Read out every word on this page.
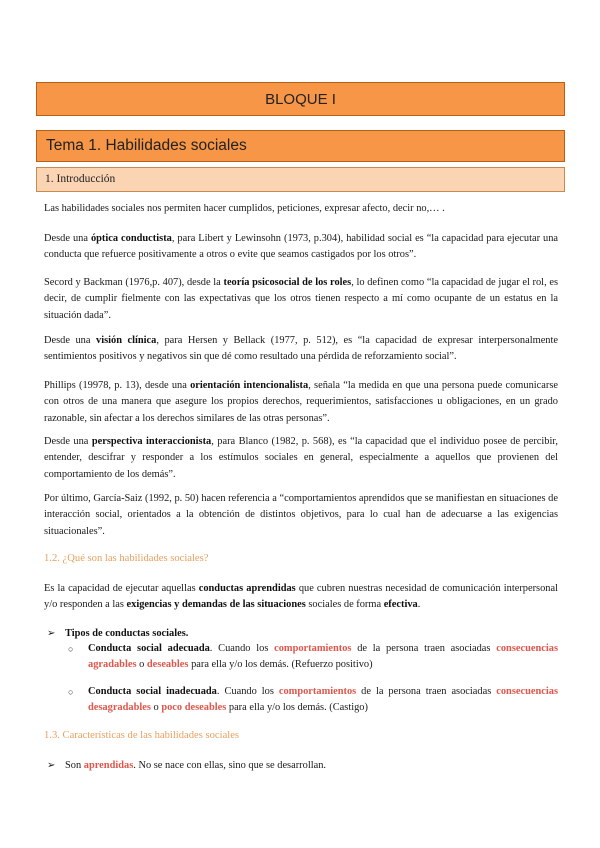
BLOQUE I
Tema 1. Habilidades sociales
1. Introducción

Las habilidades sociales nos permiten hacer cumplidos, peticiones, expresar afecto, decir no,… .

Desde una óptica conductista, para Libert y Lewinsohn (1973, p.304), habilidad social es “la capacidad para ejecutar una conducta que refuerce positivamente a otros o evite que seamos castigados por los otros”.

Secord y Backman (1976,p. 407), desde la teoría psicosocial de los roles, lo definen como “la capacidad de jugar el rol, es decir, de cumplir fielmente con las expectativas que los otros tienen respecto a mí como ocupante de un estatus en la situación dada”.

Desde una visión clínica, para Hersen y Bellack (1977, p. 512), es “la capacidad de expresar interpersonalmente sentimientos positivos y negativos sin que dé como resultado una pérdida de reforzamiento social”.

Phillips (19978, p. 13), desde una orientación intencionalista, señala “la medida en que una persona puede comunicarse con otros de una manera que asegure los propios derechos, requerimientos, satisfacciones u obligaciones, en un grado razonable, sin afectar a los derechos similares de las otras personas”.

Desde una perspectiva interaccionista, para Blanco (1982, p. 568), es “la capacidad que el individuo posee de percibir, entender, descifrar y responder a los estímulos sociales en general, especialmente a aquellos que provienen del comportamiento de los demás”.

Por último, García-Saiz (1992, p. 50) hacen referencia a “comportamientos aprendidos que se manifiestan en situaciones de interacción social, orientados a la obtención de distintos objetivos, para lo cual han de adecuarse a las exigencias situacionales”.

1.2. ¿Qué son las habilidades sociales?

Es la capacidad de ejecutar aquellas conductas aprendidas que cubren nuestras necesidad de comunicación interpersonal y/o responden a las exigencias y demandas de las situaciones sociales de forma efectiva.

➢ Tipos de conductas sociales.
○ Conducta social adecuada. Cuando los comportamientos de la persona traen asociadas consecuencias agradables o deseables para ella y/o los demás. (Refuerzo positivo)
○ Conducta social inadecuada. Cuando los comportamientos de la persona traen asociadas consecuencias desagradables o poco deseables para ella y/o los demás. (Castigo)

1.3. Características de las habilidades sociales

➢ Son aprendidas. No se nace con ellas, sino que se desarrollan.
